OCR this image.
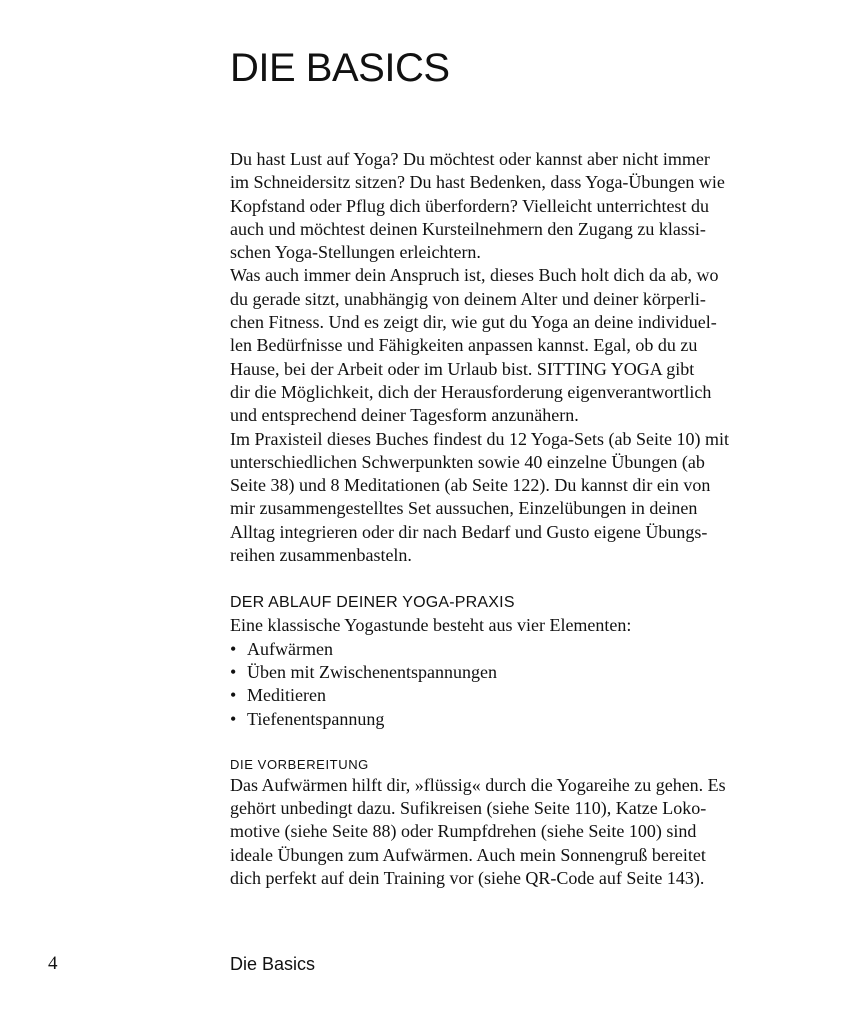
DIE BASICS
Du hast Lust auf Yoga? Du möchtest oder kannst aber nicht immer
im Schneidersitz sitzen? Du hast Bedenken, dass Yoga-Übungen wie
Kopfstand oder Pflug dich überfordern? Vielleicht unterrichtest du
auch und möchtest deinen Kursteilnehmern den Zugang zu klassi-
schen Yoga-Stellungen erleichtern.
Was auch immer dein Anspruch ist, dieses Buch holt dich da ab, wo
du gerade sitzt, unabhängig von deinem Alter und deiner körperli-
chen Fitness. Und es zeigt dir, wie gut du Yoga an deine individuel-
len Bedürfnisse und Fähigkeiten anpassen kannst. Egal, ob du zu
Hause, bei der Arbeit oder im Urlaub bist. SITTING YOGA gibt
dir die Möglichkeit, dich der Herausforderung eigenverantwortlich
und entsprechend deiner Tagesform anzunähern.
Im Praxisteil dieses Buches findest du 12 Yoga-Sets (ab Seite 10) mit
unterschiedlichen Schwerpunkten sowie 40 einzelne Übungen (ab
Seite 38) und 8 Meditationen (ab Seite 122). Du kannst dir ein von
mir zusammengestelltes Set aussuchen, Einzelübungen in deinen
Alltag integrieren oder dir nach Bedarf und Gusto eigene Übungs-
reihen zusammenbasteln.
DER ABLAUF DEINER YOGA-PRAXIS
Eine klassische Yogastunde besteht aus vier Elementen:
• Aufwärmen
• Üben mit Zwischenentspannungen
• Meditieren
• Tiefenentspannung
DIE VORBEREITUNG
Das Aufwärmen hilft dir, »flüssig« durch die Yogareihe zu gehen. Es
gehört unbedingt dazu. Sufikreisen (siehe Seite 110), Katze Loko-
motive (siehe Seite 88) oder Rumpfdrehen (siehe Seite 100) sind
ideale Übungen zum Aufwärmen. Auch mein Sonnengruß bereitet
dich perfekt auf dein Training vor (siehe QR-Code auf Seite 143).
4	Die Basics
